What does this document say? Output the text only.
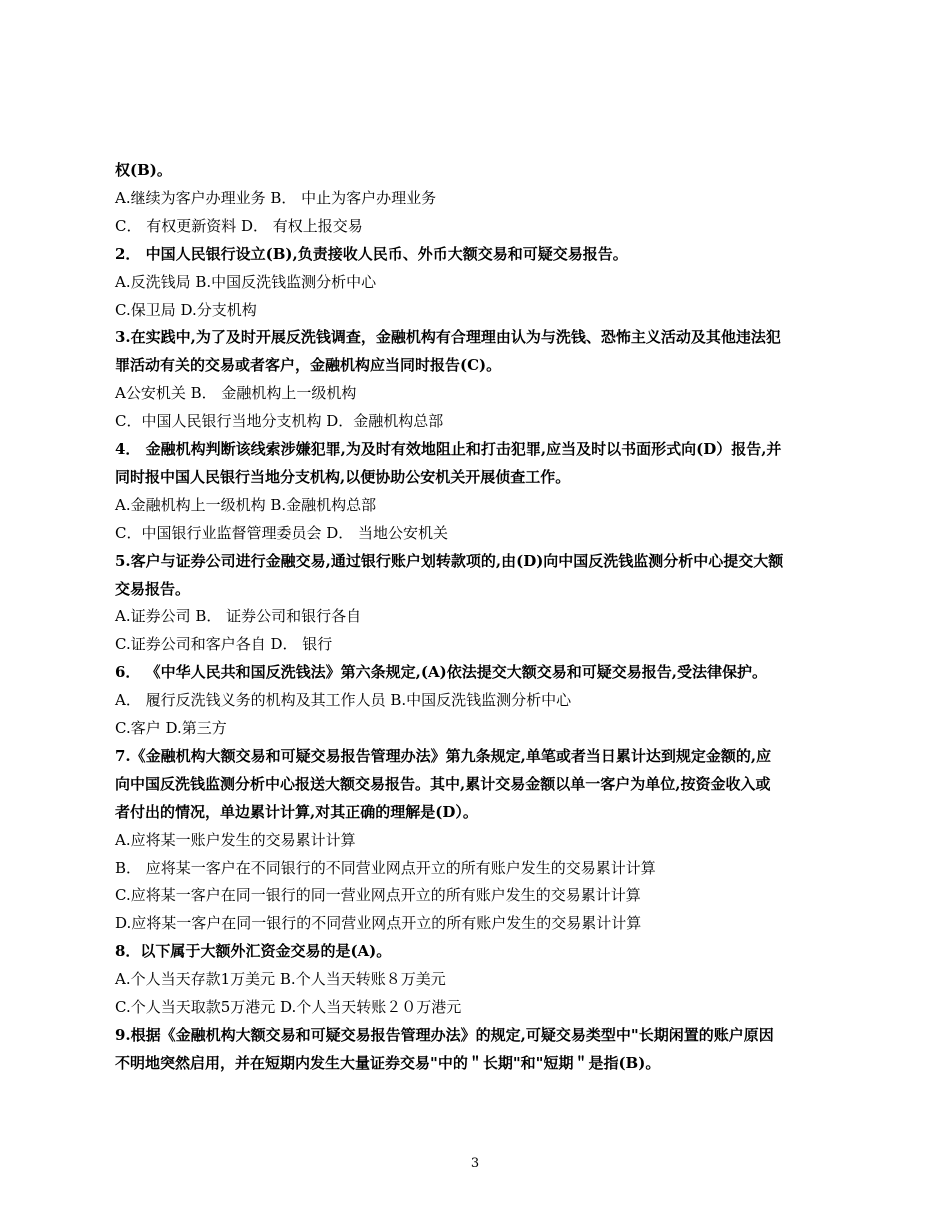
权(B)。
A.继续为客户办理业务 B． 中止为客户办理业务
C． 有权更新资料 D． 有权上报交易
2． 中国人民银行设立(B),负责接收人民币、外币大额交易和可疑交易报告。
A.反洗钱局 B.中国反洗钱监测分析中心
C.保卫局 D.分支机构
3.在实践中,为了及时开展反洗钱调查，金融机构有合理理由认为与洗钱、恐怖主义活动及其他违法犯
罪活动有关的交易或者客户，金融机构应当同时报告(C)。
A公安机关 B． 金融机构上一级机构
C．中国人民银行当地分支机构 D．金融机构总部
4． 金融机构判断该线索涉嫌犯罪,为及时有效地阻止和打击犯罪,应当及时以书面形式向(D）报告,并
同时报中国人民银行当地分支机构,以便协助公安机关开展侦查工作。
A.金融机构上一级机构 B.金融机构总部
C．中国银行业监督管理委员会 D． 当地公安机关
5.客户与证券公司进行金融交易,通过银行账户划转款项的,由(D)向中国反洗钱监测分析中心提交大额
交易报告。
A.证券公司 B． 证券公司和银行各自
C.证券公司和客户各自 D． 银行
6． 《中华人民共和国反洗钱法》第六条规定,(A)依法提交大额交易和可疑交易报告,受法律保护。
A． 履行反洗钱义务的机构及其工作人员 B.中国反洗钱监测分析中心
C.客户 D.第三方
7.《金融机构大额交易和可疑交易报告管理办法》第九条规定,单笔或者当日累计达到规定金额的,应
向中国反洗钱监测分析中心报送大额交易报告。其中,累计交易金额以单一客户为单位,按资金收入或
者付出的情况，单边累计计算,对其正确的理解是(D）。
A.应将某一账户发生的交易累计计算
B． 应将某一客户在不同银行的不同营业网点开立的所有账户发生的交易累计计算
C.应将某一客户在同一银行的同一营业网点开立的所有账户发生的交易累计计算
D.应将某一客户在同一银行的不同营业网点开立的所有账户发生的交易累计计算
8．以下属于大额外汇资金交易的是(A)。
A.个人当天存款1万美元 B.个人当天转账８万美元
C.个人当天取款5万港元 D.个人当天转账２０万港元
9.根据《金融机构大额交易和可疑交易报告管理办法》的规定,可疑交易类型中"长期闲置的账户原因
不明地突然启用，并在短期内发生大量证券交易"中的＂长期"和"短期＂是指(B)。
3
